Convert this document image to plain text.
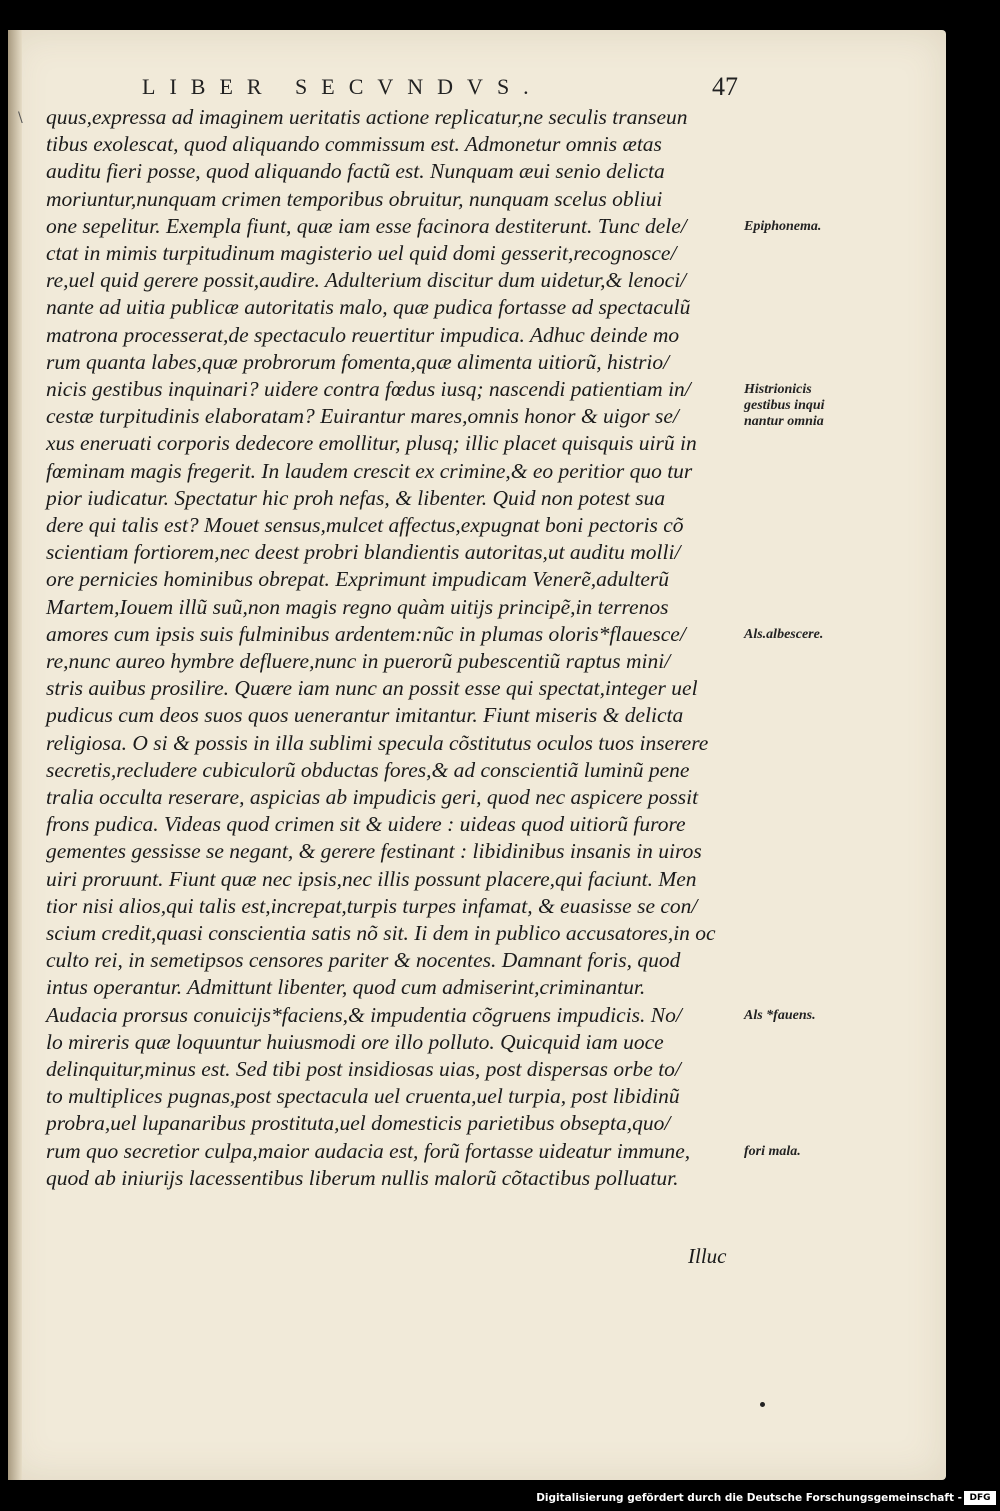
LIBER SECVNDVS.	47
\ quus,expressa ad imaginem ueritatis actione replicatur,ne seculis transeun
tibus exolescat, quod aliquando commissum est. Admonetur omnis ætas
auditu fieri posse, quod aliquando factũ est. Nunquam æui senio delicta
moriuntur,nunquam crimen temporibus obruitur, nunquam scelus obliui
one sepelitur. Exempla fiunt, quæ iam esse facinora destiterunt. Tunc dele/
ctat in mimis turpitudinum magisterio uel quid domi gesserit,recognosce/
re,uel quid gerere possit,audire. Adulterium discitur dum uidetur,& lenoci/
nante ad uitia publicæ autoritatis malo, quæ pudica fortasse ad spectaculũ
matrona processerat,de spectaculo reuertitur impudica. Adhuc deinde mo
rum quanta labes,quæ probrorum fomenta,quæ alimenta uitiorũ, histrio/
nicis gestibus inquinari? uidere contra fœdus iusq; nascendi patientiam in/
cestæ turpitudinis elaboratam? Euirantur mares,omnis honor & uigor se/
xus eneruati corporis dedecore emollitur, plusq; illic placet quisquis uirũ in
fœminam magis fregerit. In laudem crescit ex crimine,& eo peritior quo tur
pior iudicatur. Spectatur hic proh nefas, & libenter. Quid non potest sua
dere qui talis est? Mouet sensus,mulcet affectus,expugnat boni pectoris cõ
scientiam fortiorem,nec deest probri blandientis autoritas,ut auditu molli/
ore pernicies hominibus obrepat. Exprimunt impudicam Venerẽ,adulterũ
Martem,Iouem illũ suũ,non magis regno quàm uitijs principẽ,in terrenos
amores cum ipsis suis fulminibus ardentem:nũc in plumas oloris*flauesce/
re,nunc aureo hymbre defluere,nunc in puerorũ pubescentiũ raptus mini/
stris auibus prosilire. Quære iam nunc an possit esse qui spectat,integer uel
pudicus cum deos suos quos uenerantur imitantur. Fiunt miseris & delicta
religiosa. O si & possis in illa sublimi specula cõstitutus oculos tuos inserere
secretis,recludere cubiculorũ obductas fores,& ad conscientiã luminũ pene
tralia occulta reserare, aspicias ab impudicis geri, quod nec aspicere possit
frons pudica. Videas quod crimen sit & uidere : uideas quod uitiorũ furore
gementes gessisse se negant, & gerere festinant : libidinibus insanis in uiros
uiri proruunt. Fiunt quæ nec ipsis,nec illis possunt placere,qui faciunt. Men
tior nisi alios,qui talis est,increpat,turpis turpes infamat, & euasisse se con/
scium credit,quasi conscientia satis nõ sit. Ii dem in publico accusatores,in oc
culto rei, in semetipsos censores pariter & nocentes. Damnant foris, quod
intus operantur. Admittunt libenter, quod cum admiserint,criminantur.
Audacia prorsus conuicijs*faciens,& impudentia cõgruens impudicis. No/
lo mireris quæ loquuntur huiusmodi ore illo polluto. Quicquid iam uoce
delinquitur,minus est. Sed tibi post insidiosas uias, post dispersas orbe to/
to multiplices pugnas,post spectacula uel cruenta,uel turpia, post libidinũ
probra,uel lupanaribus prostituta,uel domesticis parietibus obsepta,quo/
rum quo secretior culpa,maior audacia est, forũ fortasse uideatur immune,
quod ab iniurijs lacessentibus liberum nullis malorũ cõtactibus polluatur.
Epiphonema.
Histrionicis
gestibus inqui
nantur omnia
Als.albescere.
Als *fauens.
fori mala.
Illuc
Digitalisierung gefördert durch die Deutsche Forschungsgemeinschaft - DFG
